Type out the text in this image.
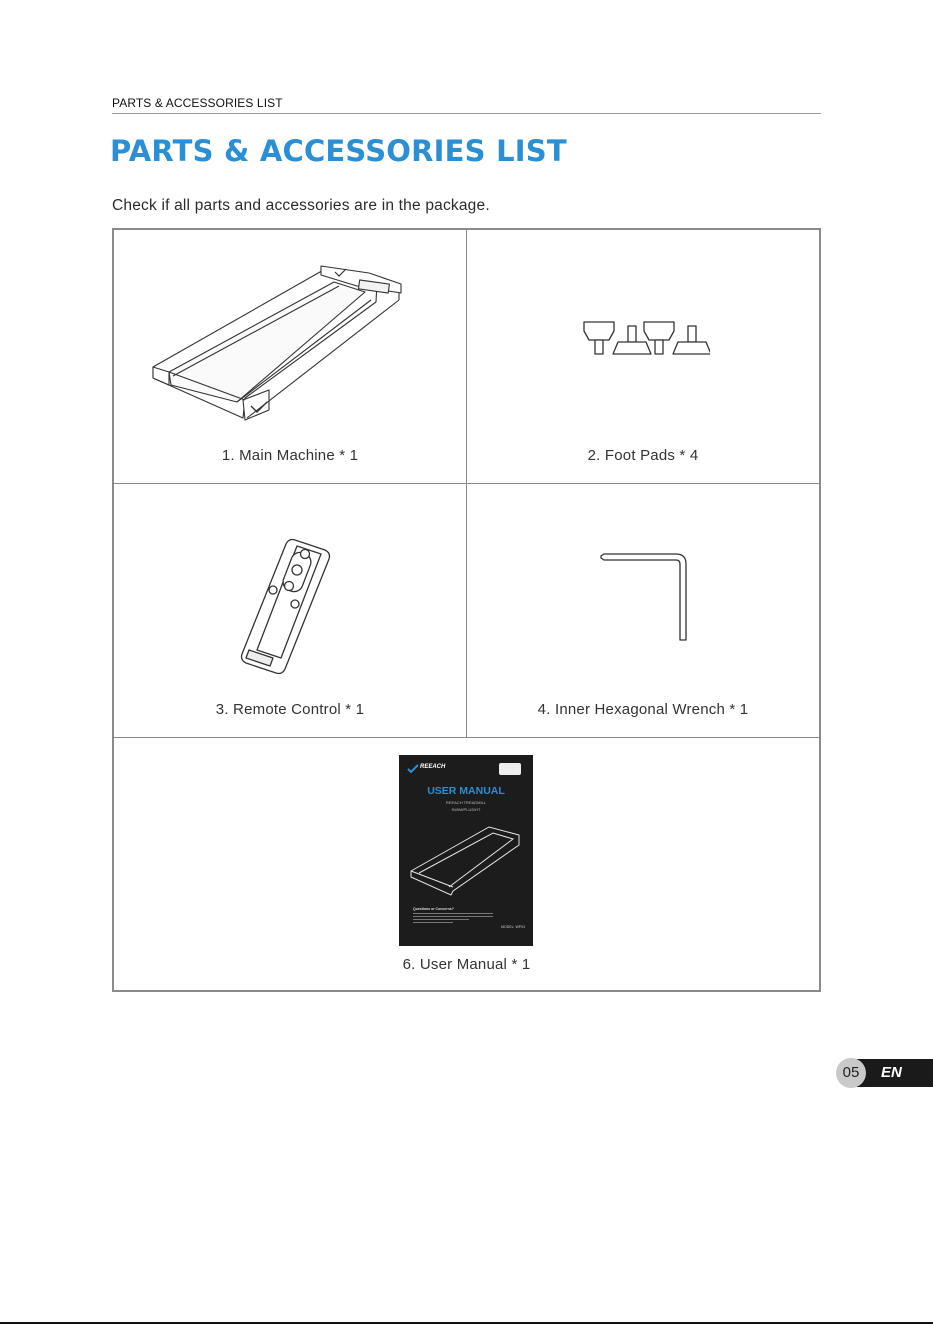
PARTS & ACCESSORIES LIST
PARTS & ACCESSORIES LIST
Check if all parts and accessories are in the package.
1. Main Machine * 1	2. Foot Pads * 4
3. Remote Control * 1	4. Inner Hexagonal Wrench * 1
REEACH
USER MANUAL
REEACH TREADMILL
SWIM/PLUS/HT
Questions or Concerns?
MODEL: WP03
6. User Manual * 1
05	EN
